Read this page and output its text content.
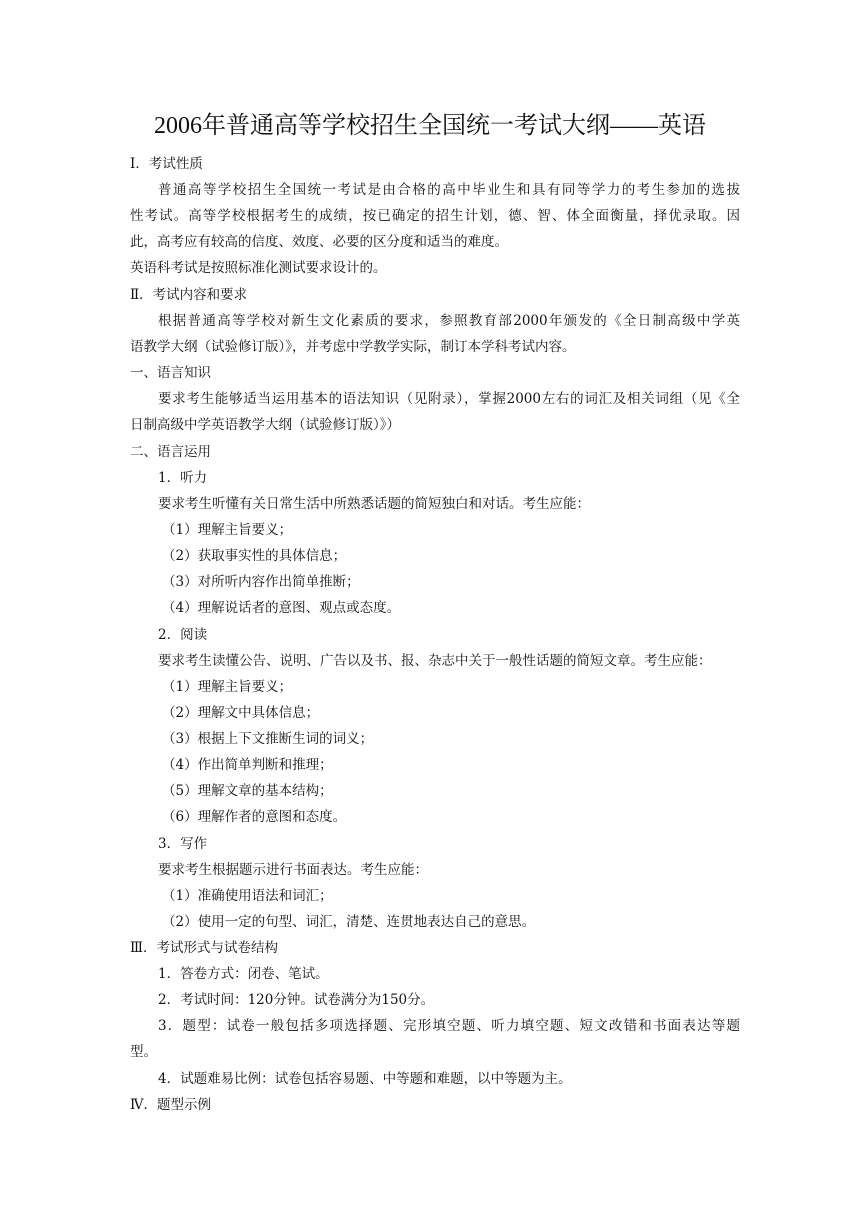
2006年普通高等学校招生全国统一考试大纲——英语
Ⅰ．考试性质
普通高等学校招生全国统一考试是由合格的高中毕业生和具有同等学力的考生参加的选拔
性考试。高等学校根据考生的成绩，按已确定的招生计划，德、智、体全面衡量，择优录取。因
此，高考应有较高的信度、效度、必要的区分度和适当的难度。
英语科考试是按照标准化测试要求设计的。
Ⅱ．考试内容和要求
根据普通高等学校对新生文化素质的要求，参照教育部2000年颁发的《全日制高级中学英
语教学大纲（试验修订版）》，并考虑中学教学实际，制订本学科考试内容。
一、语言知识
要求考生能够适当运用基本的语法知识（见附录），掌握2000左右的词汇及相关词组（见《全
日制高级中学英语教学大纲（试验修订版）》）
二、语言运用
1．听力
要求考生听懂有关日常生活中所熟悉话题的简短独白和对话。考生应能：
（1）理解主旨要义；
（2）获取事实性的具体信息；
（3）对所听内容作出简单推断；
（4）理解说话者的意图、观点或态度。
2．阅读
要求考生读懂公告、说明、广告以及书、报、杂志中关于一般性话题的简短文章。考生应能：
（1）理解主旨要义；
（2）理解文中具体信息；
（3）根据上下文推断生词的词义；
（4）作出简单判断和推理；
（5）理解文章的基本结构；
（6）理解作者的意图和态度。
3．写作
要求考生根据题示进行书面表达。考生应能：
（1）准确使用语法和词汇；
（2）使用一定的句型、词汇，清楚、连贯地表达自己的意思。
Ⅲ．考试形式与试卷结构
1．答卷方式：闭卷、笔试。
2．考试时间：120分钟。试卷满分为150分。
3．题型：试卷一般包括多项选择题、完形填空题、听力填空题、短文改错和书面表达等题
型。
4．试题难易比例：试卷包括容易题、中等题和难题，以中等题为主。
Ⅳ．题型示例
